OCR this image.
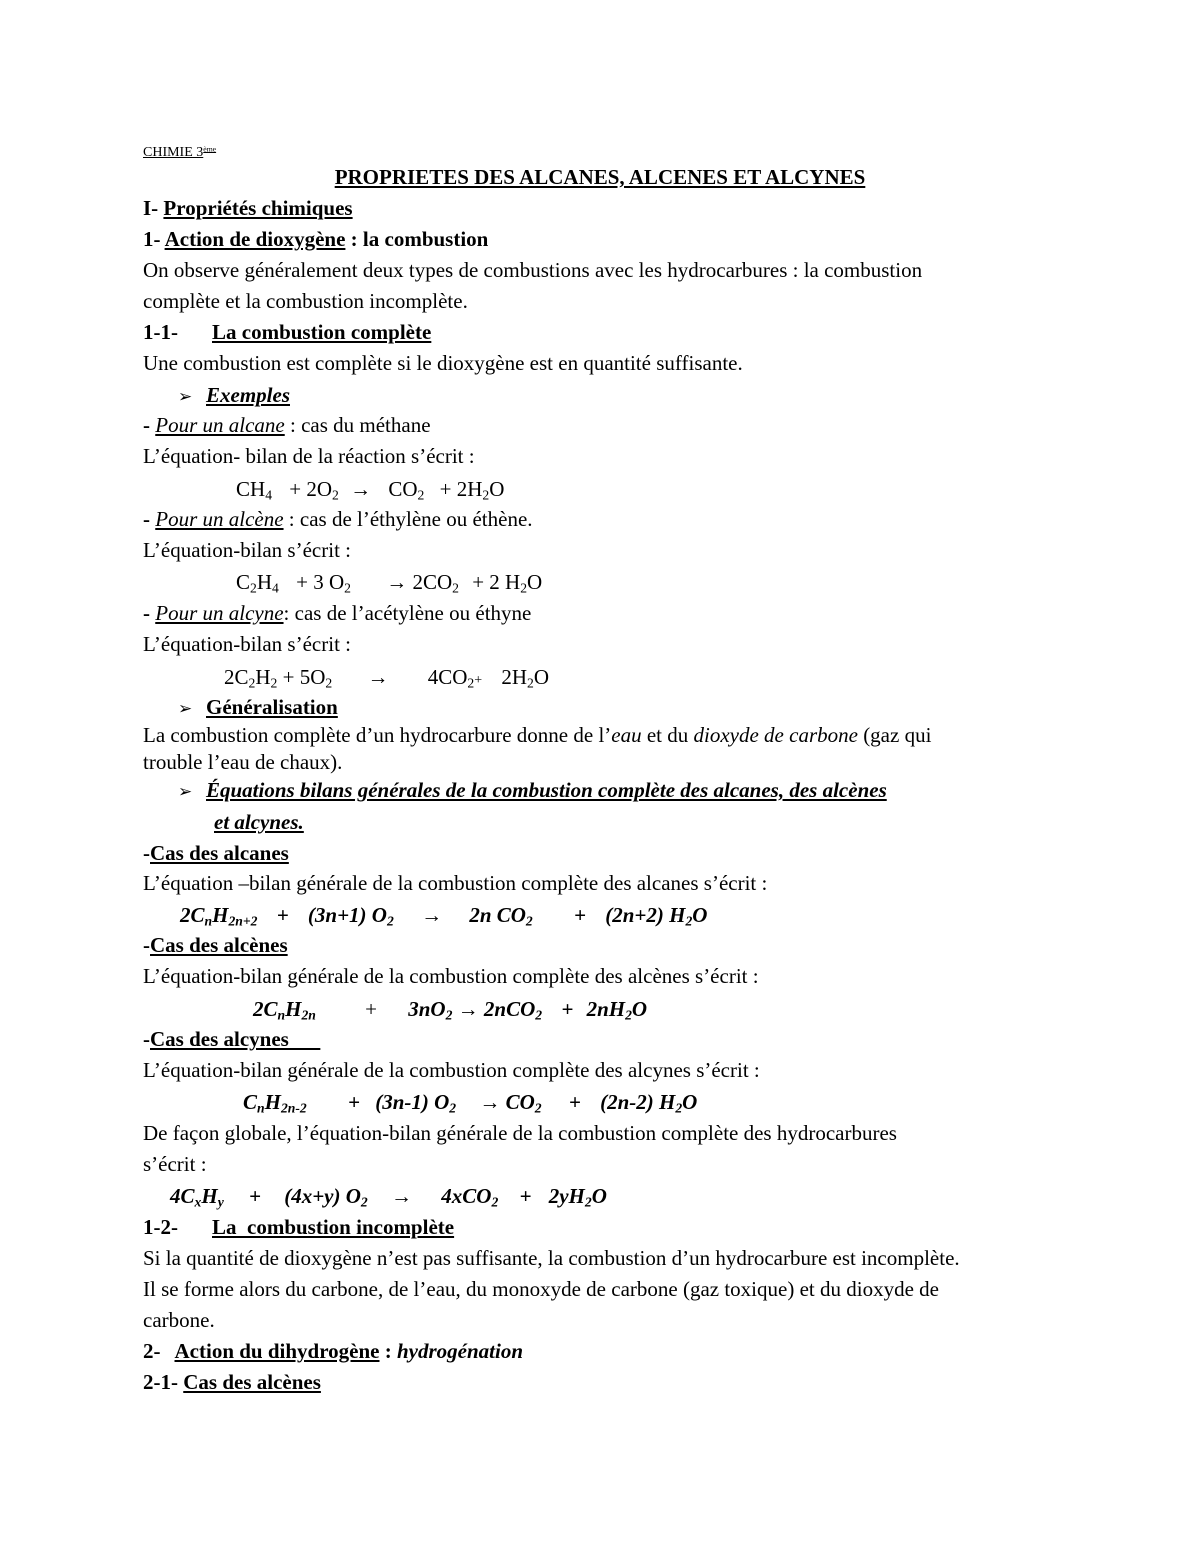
CHIMIE 3ème
PROPRIETES DES ALCANES, ALCENES ET ALCYNES
I- Propriétés chimiques
1- Action de dioxygène : la combustion
On observe généralement deux types de combustions avec les hydrocarbures : la combustion
complète et la combustion incomplète.
1-1- La combustion complète
Une combustion est complète si le dioxygène est en quantité suffisante.
➢ Exemples
- Pour un alcane : cas du méthane
L’équation- bilan de la réaction s’écrit :
$CH_4 + 2O_2 \to CO_2 + 2H_2O$
- Pour un alcène : cas de l’éthylène ou éthène.
L’équation-bilan s’écrit :
$C_2H_4 + 3$ $O_2 \to 2CO_2 + 2$ $H_2O$
- Pour un alcyne: cas de l’acétylène ou éthyne
L’équation-bilan s’écrit :
$2C_2H_2 + 5O_2 \to 4CO_2+ 2H_2O$
➢ Généralisation
La combustion complète d’un hydrocarbure donne de l’eau et du dioxyde de carbone (gaz qui
trouble l’eau de chaux).
➢ Équations bilans générales de la combustion complète des alcanes, des alcènes
et alcynes.
-Cas des alcanes
L’équation –bilan générale de la combustion complète des alcanes s’écrit :
$2C_nH_{2n+2} + (3n+1) O_2 \to 2n$ $CO_2 + (2n+2)$ $H_2O$
-Cas des alcènes
L’équation-bilan générale de la combustion complète des alcènes s’écrit :
$2C_nH_{2n} + 3nO_2 \to 2nCO_2 + 2nH_2O$
-Cas des alcynes
L’équation-bilan générale de la combustion complète des alcynes s’écrit :
$C_nH_{2n-2} + (3n-1) O_2 \to CO_2 + (2n-2)$ $H_2O$
De façon globale, l’équation-bilan générale de la combustion complète des hydrocarbures
s’écrit :
$4C_xH_y + (4x+y) O_2 \to 4xCO_2 + 2yH_2O$
1-2- La  combustion incomplète
Si la quantité de dioxygène n’est pas suffisante, la combustion d’un hydrocarbure est incomplète.
Il se forme alors du carbone, de l’eau, du monoxyde de carbone (gaz toxique) et du dioxyde de
carbone.
2- Action du dihydrogène : hydrogénation
2-1- Cas des alcènes
